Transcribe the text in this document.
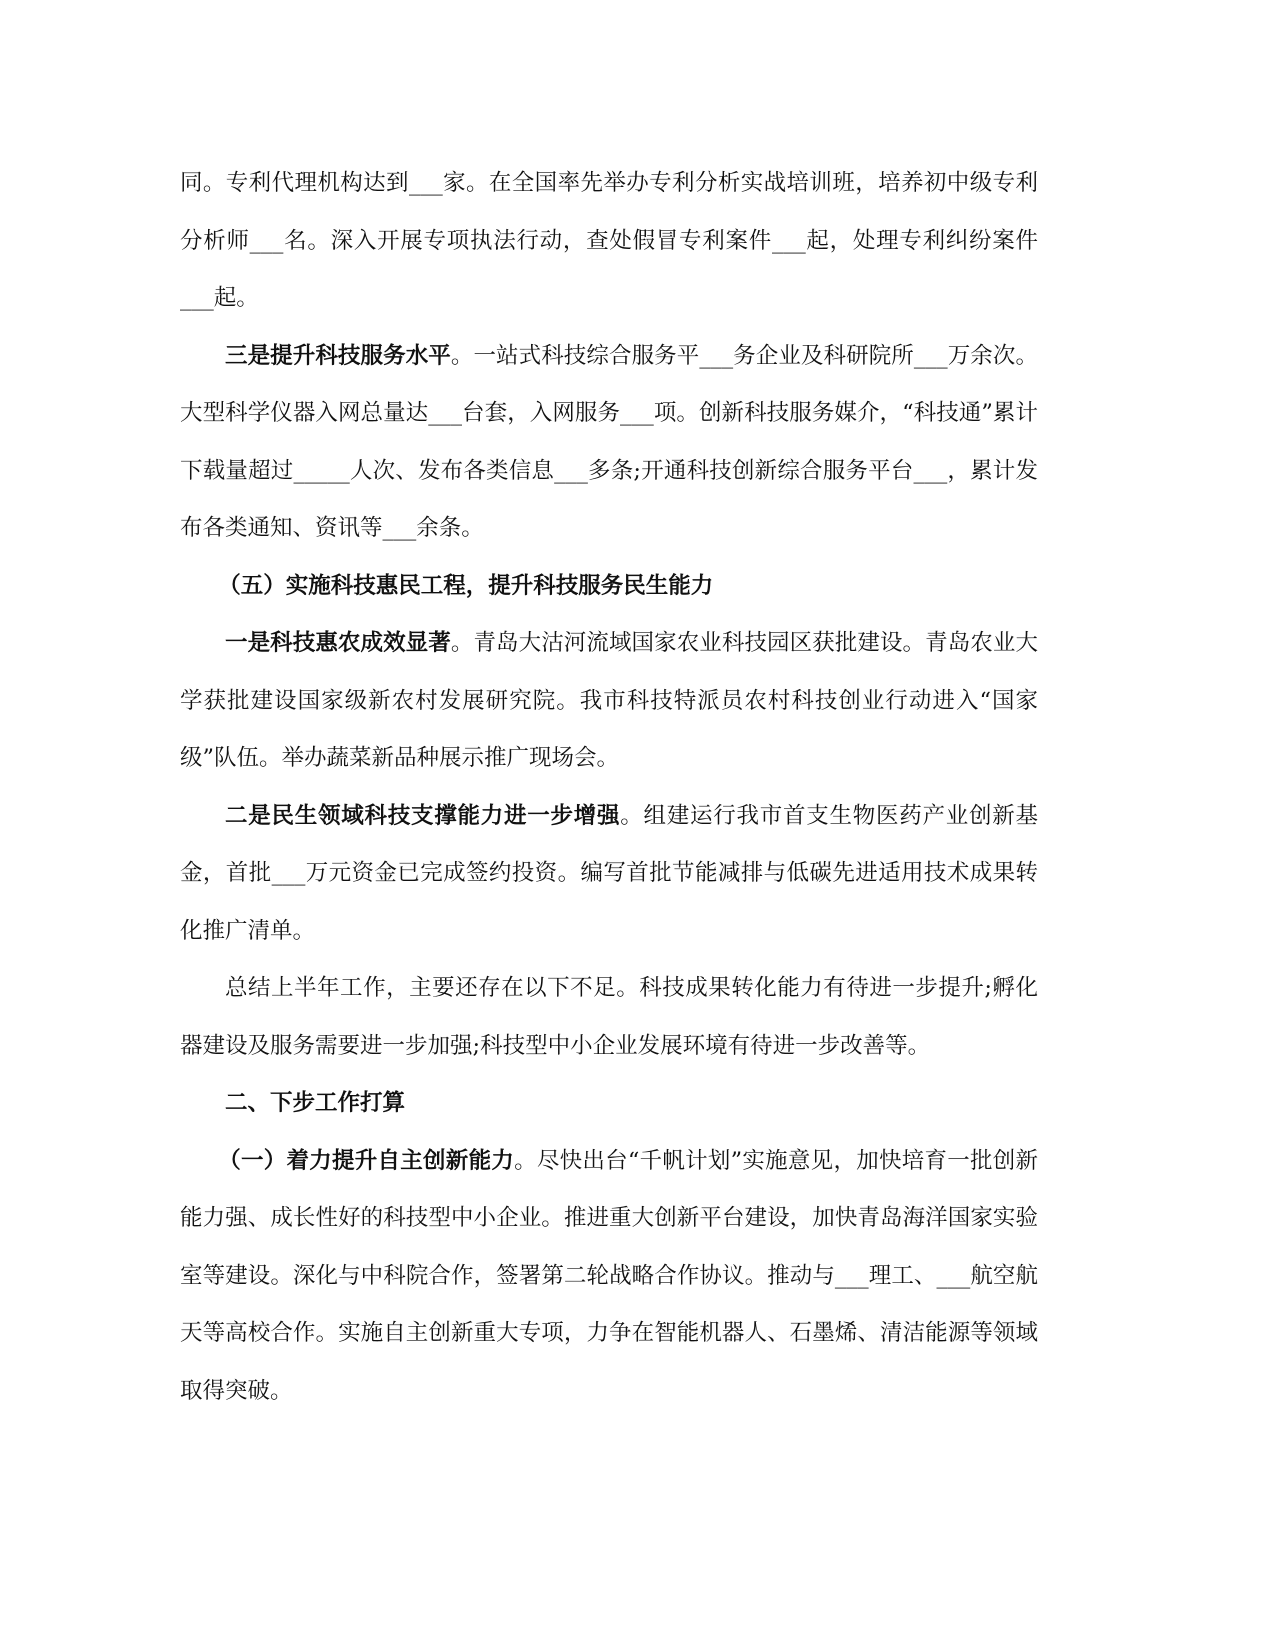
同。专利代理机构达到___家。在全国率先举办专利分析实战培训班，培养初中级专利分析师___名。深入开展专项执法行动，查处假冒专利案件___起，处理专利纠纷案件___起。

三是提升科技服务水平。一站式科技综合服务平___务企业及科研院所___万余次。大型科学仪器入网总量达___台套，入网服务___项。创新科技服务媒介，“科技通”累计下载量超过_____人次、发布各类信息___多条;开通科技创新综合服务平台___，累计发布各类通知、资讯等___余条。

（五）实施科技惠民工程，提升科技服务民生能力

一是科技惠农成效显著。青岛大沽河流域国家农业科技园区获批建设。青岛农业大学获批建设国家级新农村发展研究院。我市科技特派员农村科技创业行动进入“国家级”队伍。举办蔬菜新品种展示推广现场会。

二是民生领域科技支撑能力进一步增强。组建运行我市首支生物医药产业创新基金，首批___万元资金已完成签约投资。编写首批节能减排与低碳先进适用技术成果转化推广清单。

总结上半年工作，主要还存在以下不足。科技成果转化能力有待进一步提升;孵化器建设及服务需要进一步加强;科技型中小企业发展环境有待进一步改善等。

二、下步工作打算

（一）着力提升自主创新能力。尽快出台“千帆计划”实施意见，加快培育一批创新能力强、成长性好的科技型中小企业。推进重大创新平台建设，加快青岛海洋国家实验室等建设。深化与中科院合作，签署第二轮战略合作协议。推动与___理工、___航空航天等高校合作。实施自主创新重大专项，力争在智能机器人、石墨烯、清洁能源等领域取得突破。
